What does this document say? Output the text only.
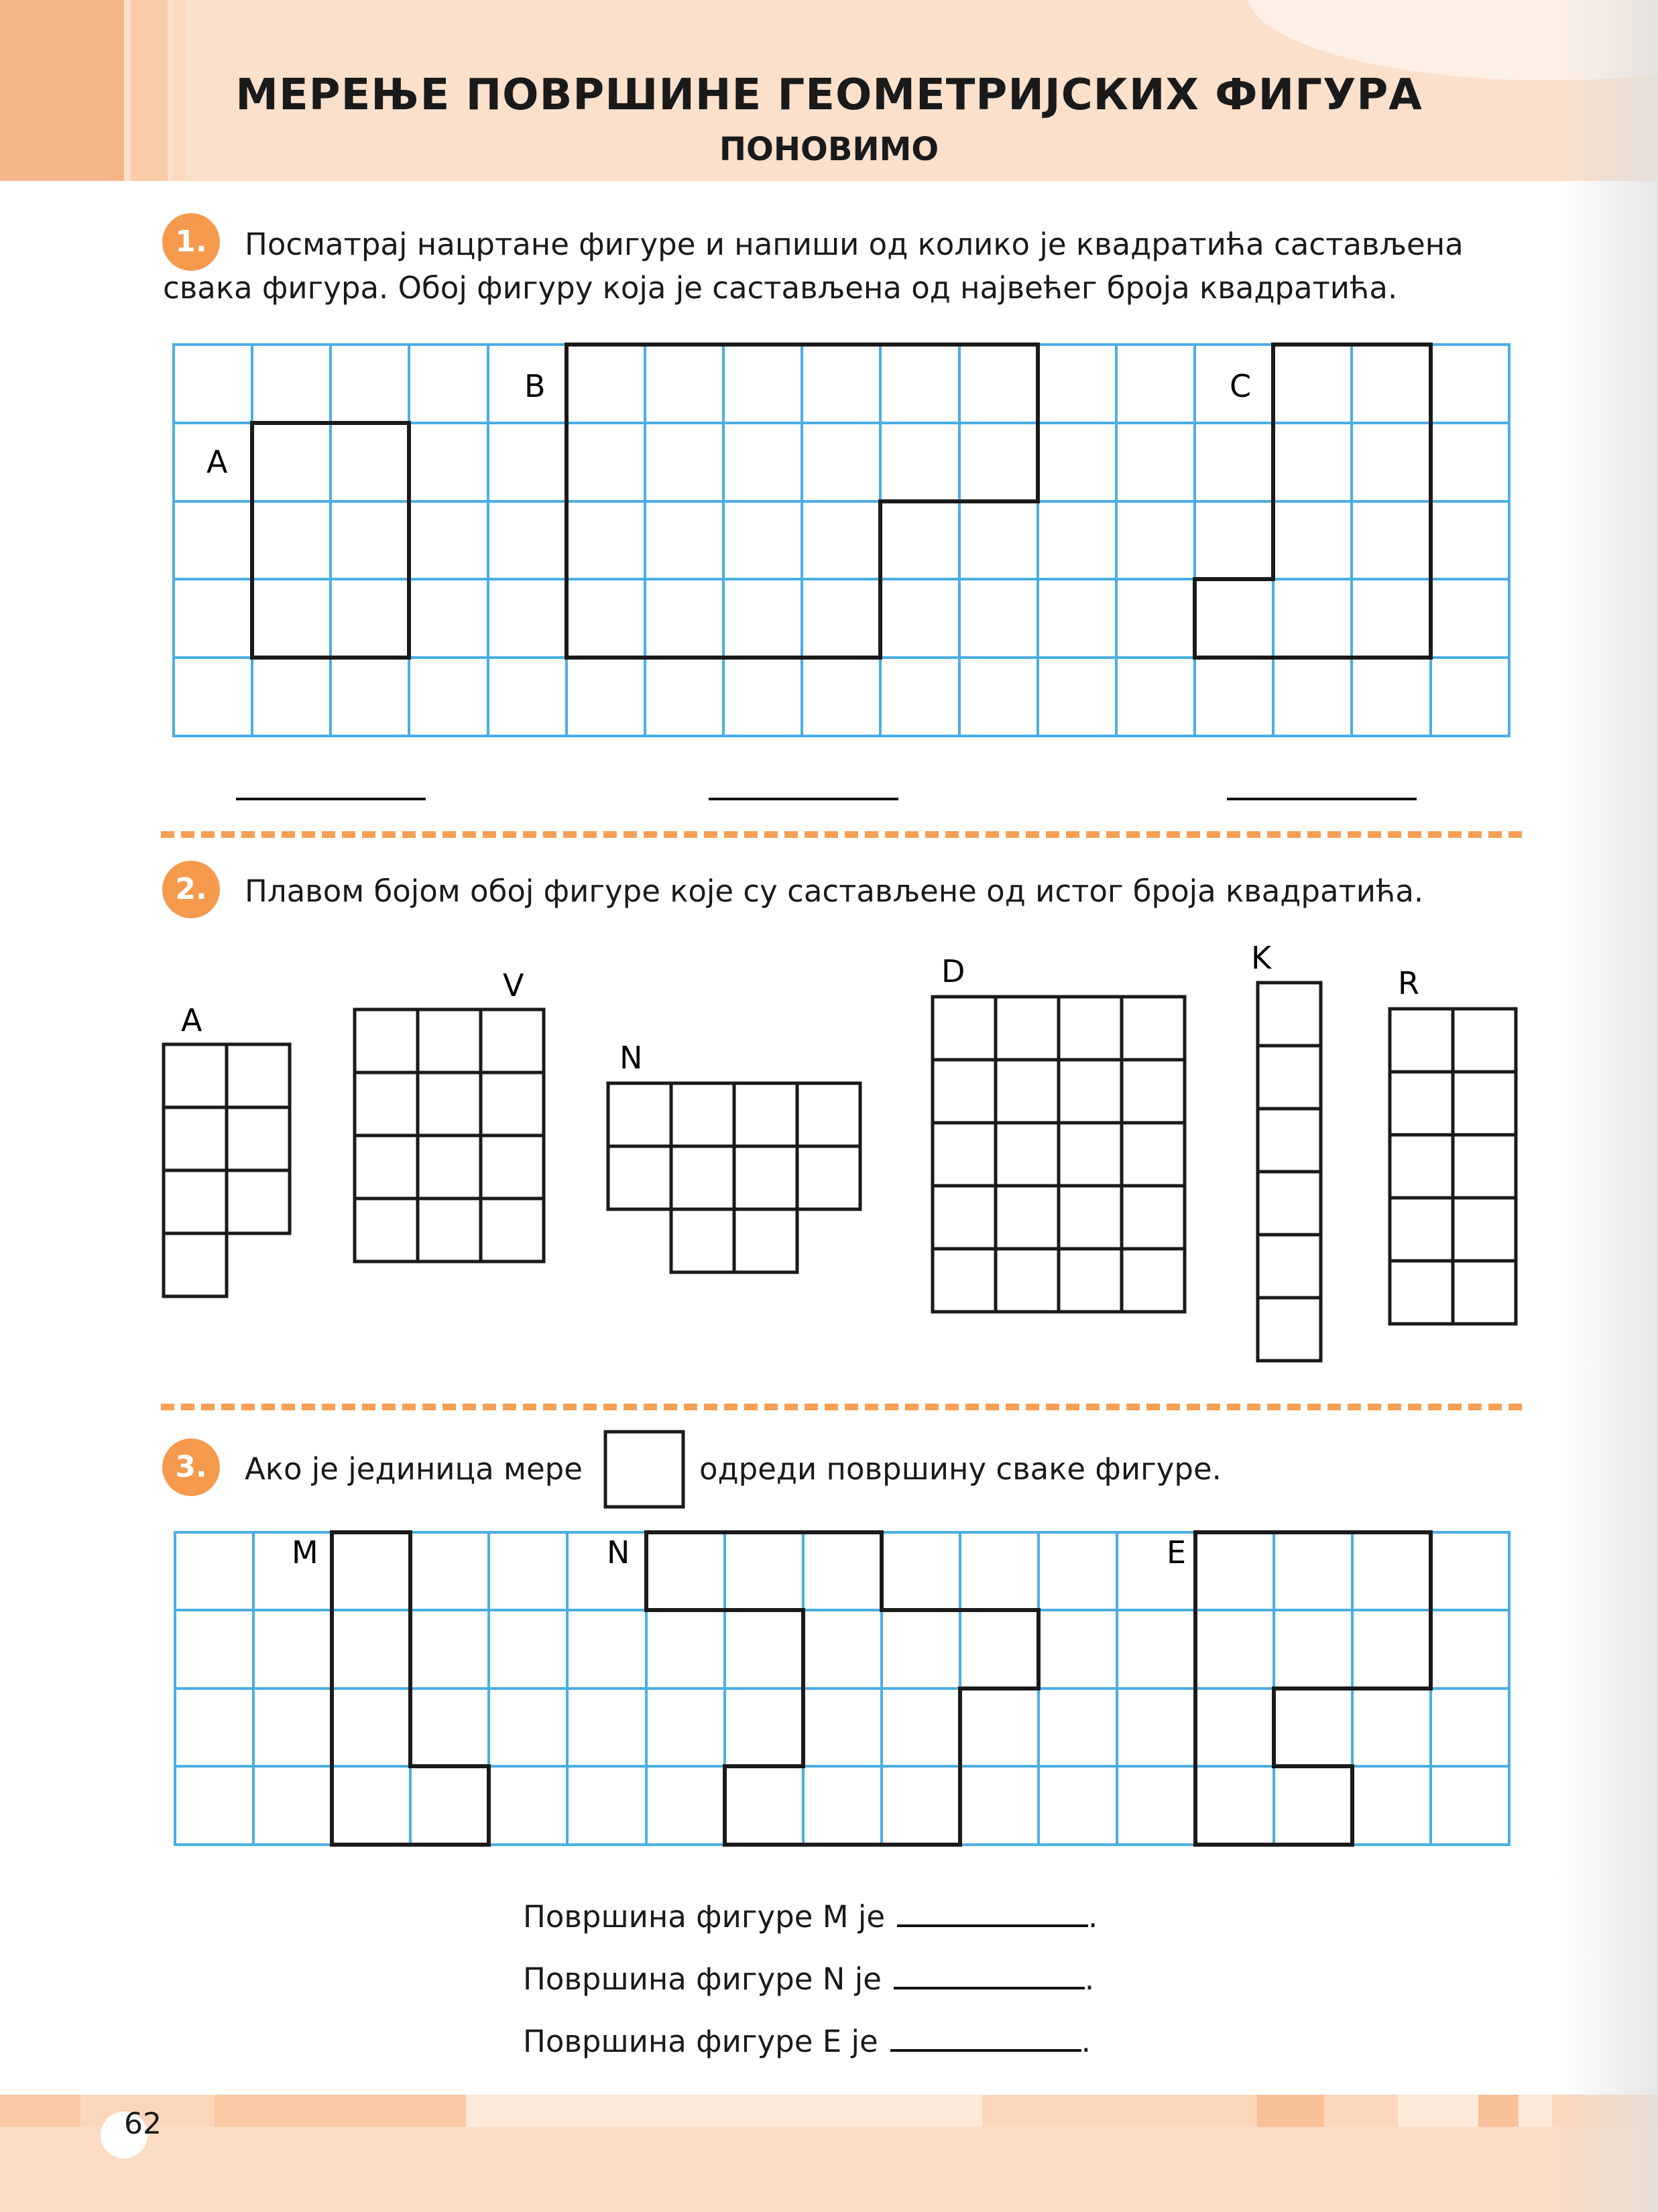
МЕРЕЊЕ ПОВРШИНЕ ГЕОМЕТРИЈСКИХ ФИГУРА
ПОНОВИМО
1.	Посматрај нацртане фигуре и напиши од колико је квадратића састављена
свака фигура. Обој фигуру која је састављена од највећег броја квадратића.
A
B	C
A
V
N
D	K
R
M	N	E
2.	Плавом бојом обој фигуре које су састављене од истог броја квадратића.
3.	Ако је јединица мере	одреди површину сваке фигуре.
Површина фигуре M је	.
Површина фигуре N је	.
Површина фигуре E је	.
62
